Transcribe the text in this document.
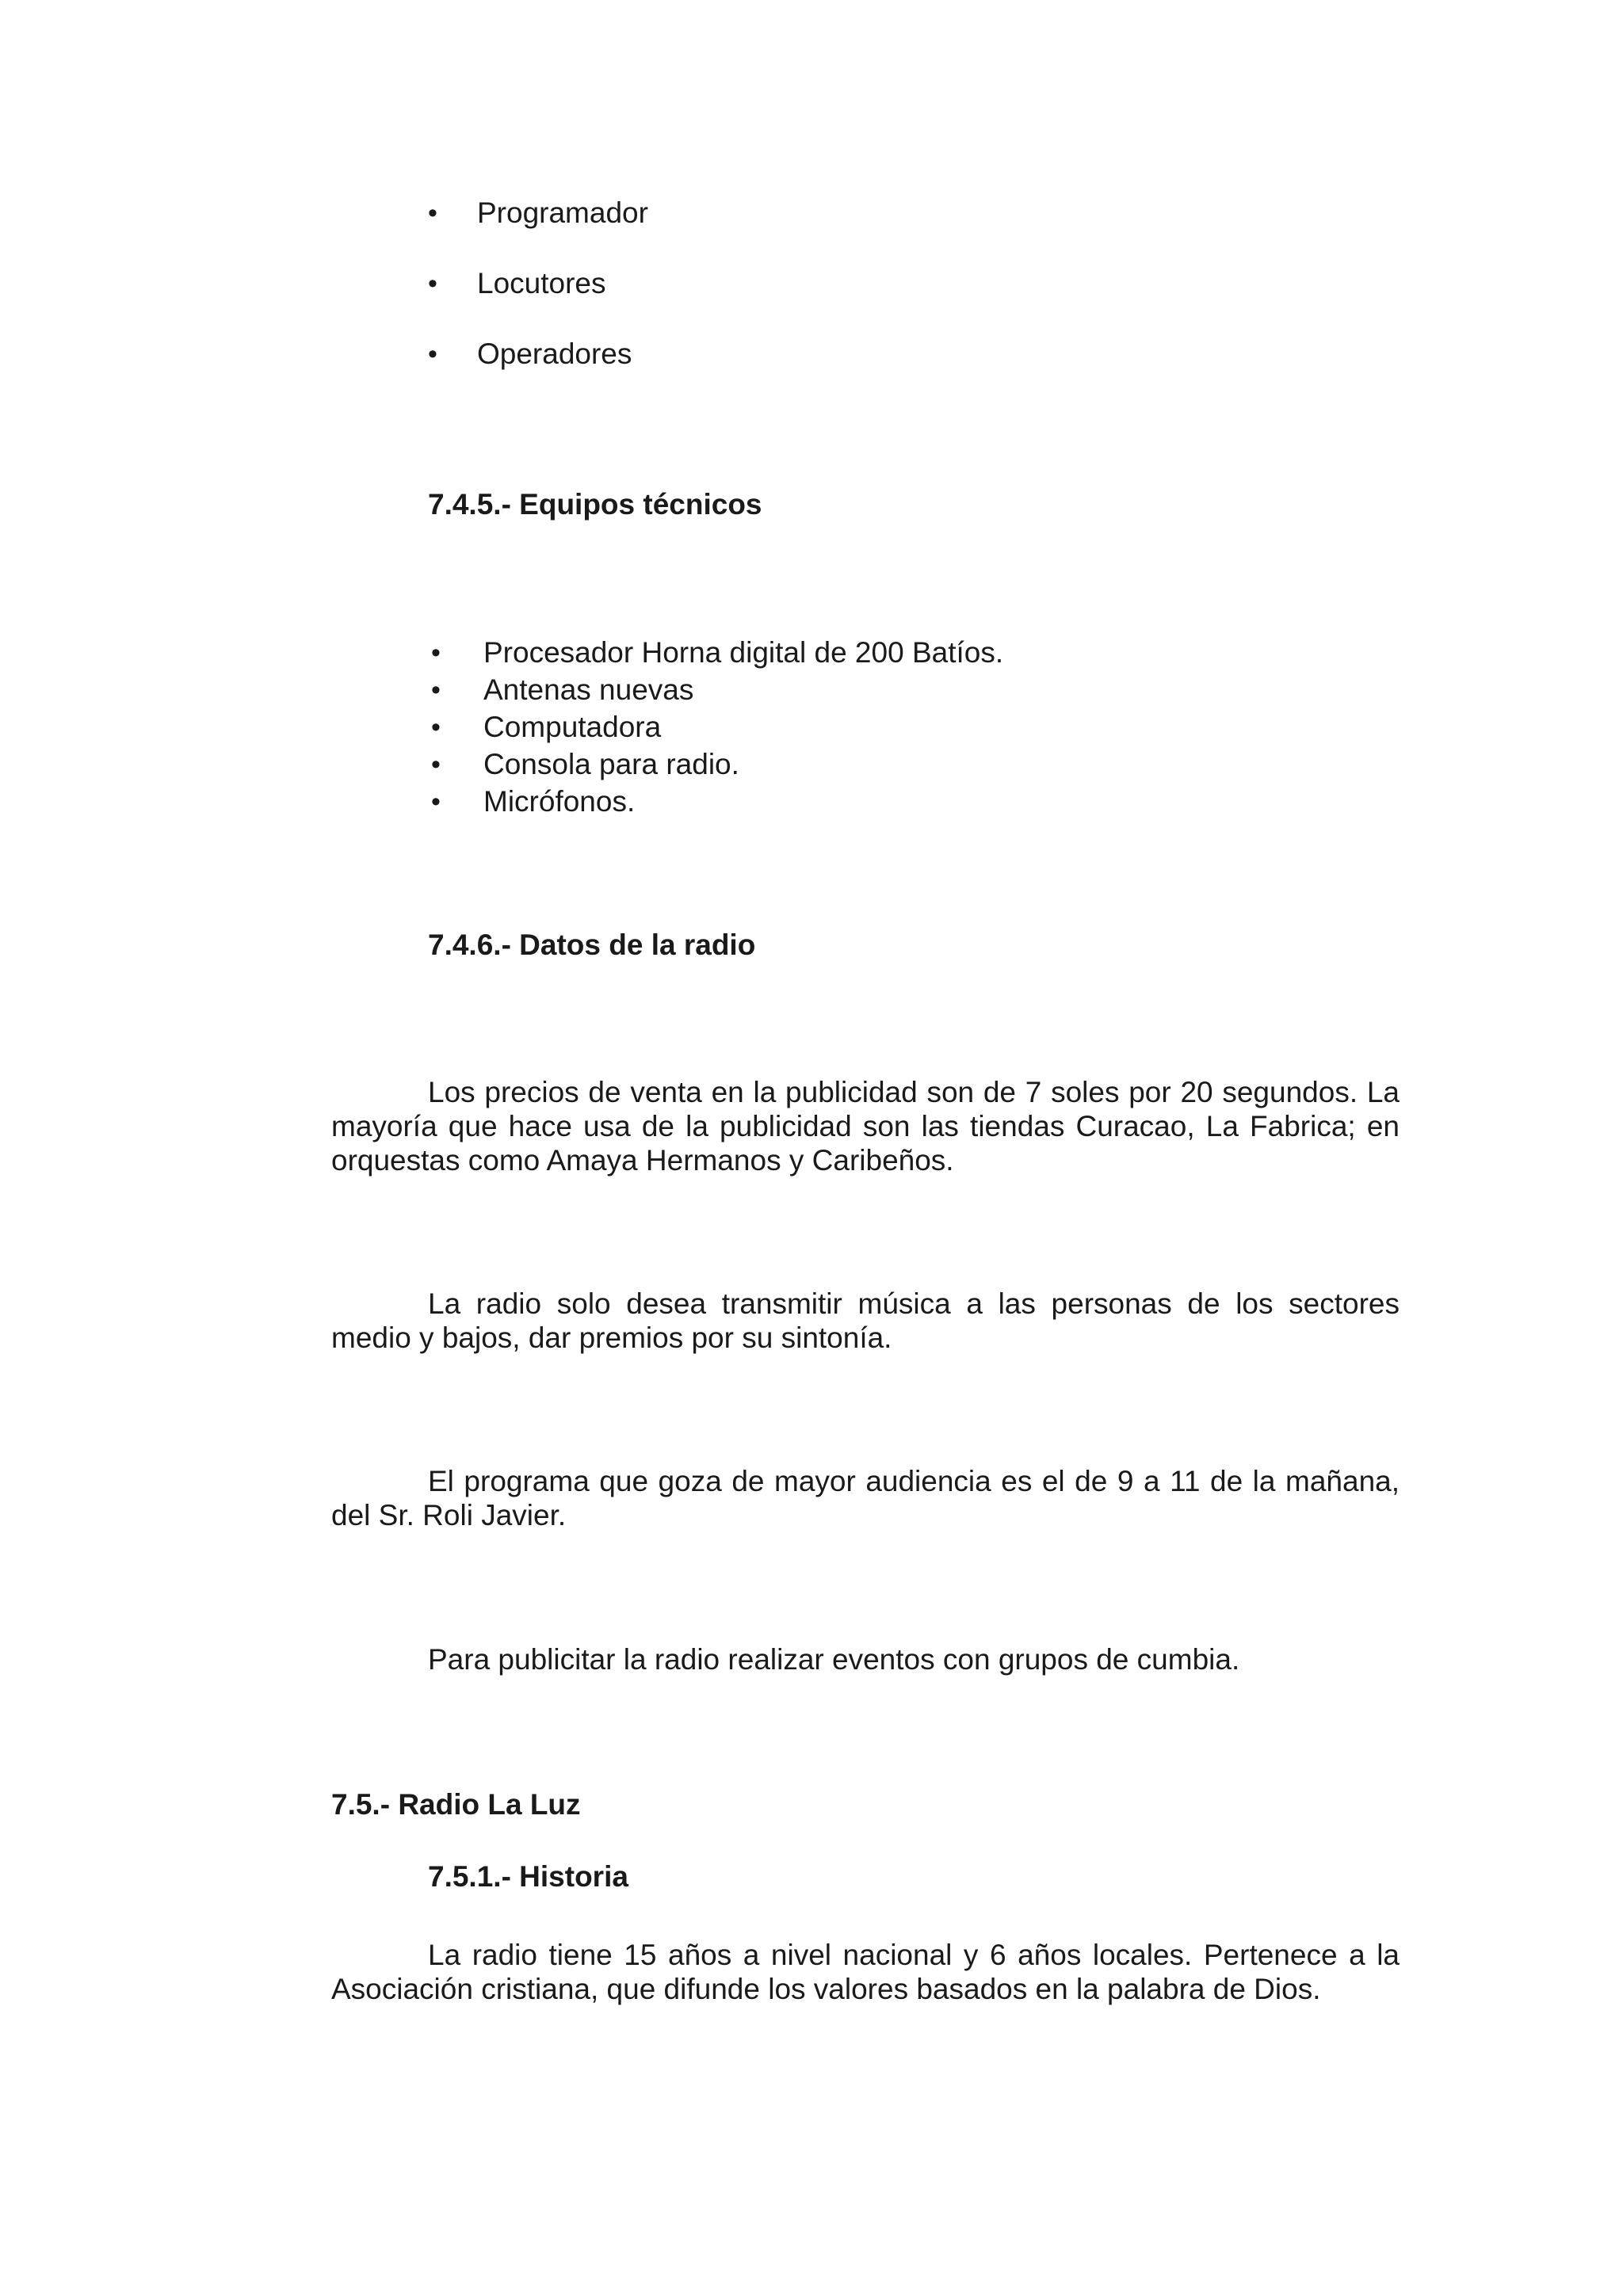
•	Programador
•	Locutores
•	Operadores
7.4.5.- Equipos técnicos
•	Procesador Horna digital de 200 Batíos.
•	Antenas nuevas
•	Computadora
•	Consola para radio.
•	Micrófonos.
7.4.6.- Datos de la radio

Los precios de venta en la publicidad son de 7 soles por 20 segundos. La mayoría que hace usa de la publicidad son las tiendas Curacao, La Fabrica; en orquestas como Amaya Hermanos y Caribeños.

La radio solo desea transmitir música a las personas de los sectores medio y bajos, dar premios por su sintonía.

El programa que goza de mayor audiencia es el de 9 a 11 de la mañana, del Sr. Roli Javier.

Para publicitar la radio realizar eventos con grupos de cumbia.

7.5.- Radio La Luz
7.5.1.- Historia

La radio tiene 15 años a nivel nacional y 6 años locales. Pertenece a la Asociación cristiana, que difunde los valores basados en la palabra de Dios.
